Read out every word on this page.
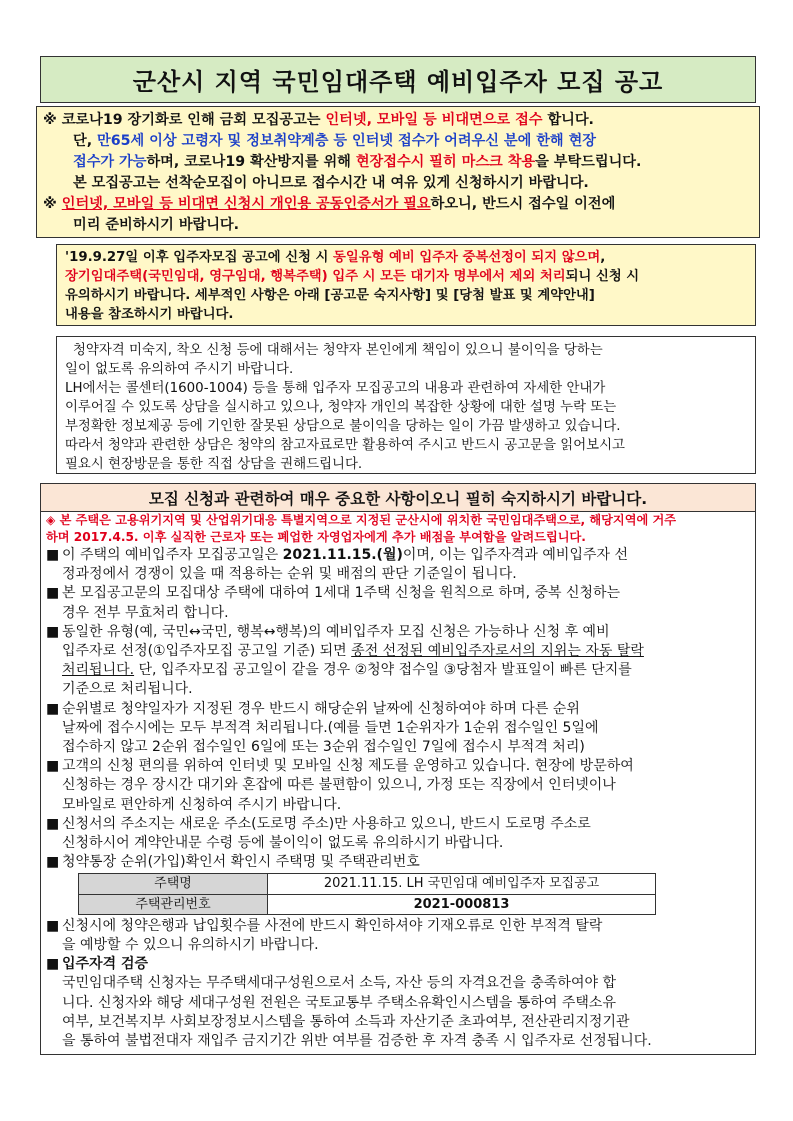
군산시 지역 국민임대주택 예비입주자 모집 공고
※ 코로나19 장기화로 인해 금회 모집공고는 인터넷, 모바일 등 비대면으로 접수 합니다.
단, 만65세 이상 고령자 및 정보취약계층 등 인터넷 접수가 어려우신 분에 한해 현장
접수가 가능하며, 코로나19 확산방지를 위해 현장접수시 필히 마스크 착용을 부탁드립니다.
본 모집공고는 선착순모집이 아니므로 접수시간 내 여유 있게 신청하시기 바랍니다.
※ 인터넷, 모바일 등 비대면 신청시 개인용 공동인증서가 필요하오니, 반드시 접수일 이전에
미리 준비하시기 바랍니다.
'19.9.27일 이후 입주자모집 공고에 신청 시 동일유형 예비 입주자 중복선정이 되지 않으며,
장기임대주택(국민임대, 영구임대, 행복주택) 입주 시 모든 대기자 명부에서 제외 처리되니 신청 시
유의하시기 바랍니다. 세부적인 사항은 아래 [공고문 숙지사항] 및 [당첨 발표 및 계약안내]
내용을 참조하시기 바랍니다.
청약자격 미숙지, 착오 신청 등에 대해서는 청약자 본인에게 책임이 있으니 불이익을 당하는
일이 없도록 유의하여 주시기 바랍니다.
LH에서는 콜센터(1600-1004) 등을 통해 입주자 모집공고의 내용과 관련하여 자세한 안내가
이루어질 수 있도록 상담을 실시하고 있으나, 청약자 개인의 복잡한 상황에 대한 설명 누락 또는
부정확한 정보제공 등에 기인한 잘못된 상담으로 불이익을 당하는 일이 가끔 발생하고 있습니다.
따라서 청약과 관련한 상담은 청약의 참고자료로만 활용하여 주시고 반드시 공고문을 읽어보시고
필요시 현장방문을 통한 직접 상담을 권해드립니다.
모집 신청과 관련하여 매우 중요한 사항이오니 필히 숙지하시기 바랍니다.
◈ 본 주택은 고용위기지역 및 산업위기대응 특별지역으로 지정된 군산시에 위치한 국민임대주택으로, 해당지역에 거주
하며 2017.4.5. 이후 실직한 근로자 또는 폐업한 자영업자에게 추가 배점을 부여함을 알려드립니다.
■ 이 주택의 예비입주자 모집공고일은 2021.11.15.(월)이며, 이는 입주자격과 예비입주자 선
정과정에서 경쟁이 있을 때 적용하는 순위 및 배점의 판단 기준일이 됩니다.
■ 본 모집공고문의 모집대상 주택에 대하여 1세대 1주택 신청을 원칙으로 하며, 중복 신청하는
경우 전부 무효처리 합니다.
■ 동일한 유형(예, 국민↔국민, 행복↔행복)의 예비입주자 모집 신청은 가능하나 신청 후 예비
입주자로 선정(①입주자모집 공고일 기준) 되면 종전 선정된 예비입주자로서의 지위는 자동 탈락
처리됩니다. 단, 입주자모집 공고일이 같을 경우 ②청약 접수일 ③당첨자 발표일이 빠른 단지를
기준으로 처리됩니다.
■ 순위별로 청약일자가 지정된 경우 반드시 해당순위 날짜에 신청하여야 하며 다른 순위
날짜에 접수시에는 모두 부적격 처리됩니다.(예를 들면 1순위자가 1순위 접수일인 5일에
접수하지 않고 2순위 접수일인 6일에 또는 3순위 접수일인 7일에 접수시 부적격 처리)
■ 고객의 신청 편의를 위하여 인터넷 및 모바일 신청 제도를 운영하고 있습니다. 현장에 방문하여
신청하는 경우 장시간 대기와 혼잡에 따른 불편함이 있으니, 가정 또는 직장에서 인터넷이나
모바일로 편안하게 신청하여 주시기 바랍니다.
■ 신청서의 주소지는 새로운 주소(도로명 주소)만 사용하고 있으니, 반드시 도로명 주소로
신청하시어 계약안내문 수령 등에 불이익이 없도록 유의하시기 바랍니다.
■ 청약통장 순위(가입)확인서 확인시 주택명 및 주택관리번호
주택명	2021.11.15. LH 국민임대 예비입주자 모집공고
주택관리번호	2021-000813
■ 신청시에 청약은행과 납입횟수를 사전에 반드시 확인하셔야 기재오류로 인한 부적격 탈락
을 예방할 수 있으니 유의하시기 바랍니다.
■ 입주자격 검증
국민임대주택 신청자는 무주택세대구성원으로서 소득, 자산 등의 자격요건을 충족하여야 합
니다. 신청자와 해당 세대구성원 전원은 국토교통부 주택소유확인시스템을 통하여 주택소유
여부, 보건복지부 사회보장정보시스템을 통하여 소득과 자산기준 초과여부, 전산관리지정기관
을 통하여 불법전대자 재입주 금지기간 위반 여부를 검증한 후 자격 충족 시 입주자로 선정됩니다.
